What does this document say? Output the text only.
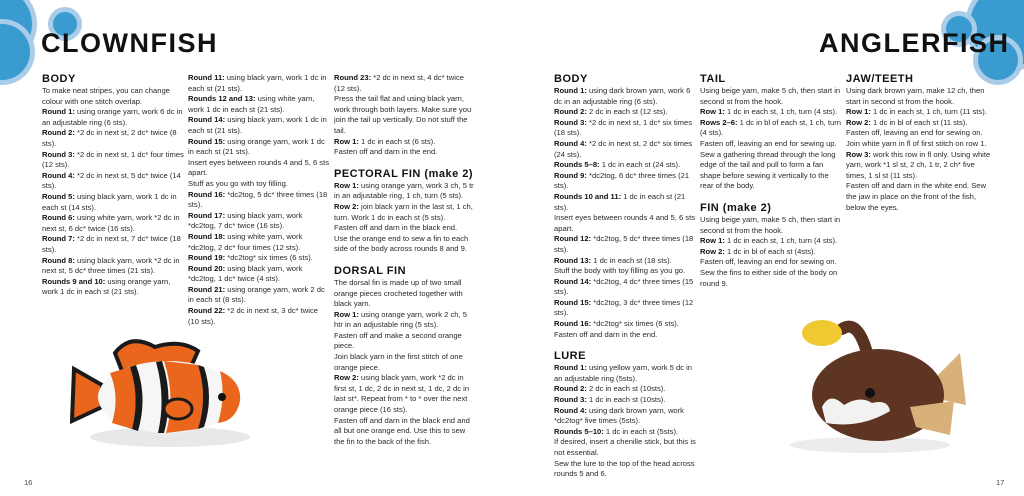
CLOWNFISH

BODY

To make neat stripes, you can change colour with one stitch overlap.

Round 1: using orange yarn, work 6 dc in an adjustable ring (6 sts).

Round 2: *2 dc in next st, 2 dc* twice (8 sts).

Round 3: *2 dc in next st, 1 dc* four times (12 sts).

Round 4: *2 dc in next st, 5 dc* twice (14 sts).

Round 5: using black yarn, work 1 dc in each st (14 sts).

Round 6: using white yarn, work *2 dc in next st, 6 dc* twice (16 sts).

Round 7: *2 dc in next st, 7 dc* twice (18 sts).

Round 8: using black yarn, work *2 dc in next st, 5 dc* three times (21 sts).

Rounds 9 and 10: using orange yarn, work 1 dc in each st (21 sts).

Round 11: using black yarn, work 1 dc in each st (21 sts).

Rounds 12 and 13: using white yarn, work 1 dc in each st (21 sts).

Round 14: using black yarn, work 1 dc in each st (21 sts).

Round 15: using orange yarn, work 1 dc in each st (21 sts).

Insert eyes between rounds 4 and 5, 6 sts apart.

Stuff as you go with toy filling.

Round 16: *dc2tog, 5 dc* three times (18 sts).

Round 17: using black yarn, work *dc2tog, 7 dc* twice (16 sts).

Round 18: using white yarn, work *dc2tog, 2 dc* four times (12 sts).

Round 19: *dc2tog* six times (6 sts).

Round 20: using black yarn, work *dc2tog, 1 dc* twice (4 sts).

Round 21: using orange yarn, work 2 dc in each st (8 sts).

Round 22: *2 dc in next st, 3 dc* twice (10 sts).

Round 23: *2 dc in next st, 4 dc* twice (12 sts).

Press the tail flat and using black yarn, work through both layers. Make sure you join the tail up vertically. Do not stuff the tail.

Row 1: 1 dc in each st (6 sts).

Fasten off and darn in the end.

PECTORAL FIN (make 2)

Row 1: using orange yarn, work 3 ch, 5 tr in an adjustable ring, 1 ch, turn (5 sts).

Row 2: join black yarn in the last st, 1 ch, turn. Work 1 dc in each st (5 sts).

Fasten off and darn in the black end.

Use the orange end to sew a fin to each side of the body across rounds 8 and 9.

DORSAL FIN

The dorsal fin is made up of two small orange pieces crocheted together with black yarn.

Row 1: using orange yarn, work 2 ch, 5 htr in an adjustable ring (5 sts).

Fasten off and make a second orange piece.

Join black yarn in the first stitch of one orange piece.

Row 2: using black yarn, work *2 dc in first st, 1 dc, 2 dc in next st, 1 dc, 2 dc in last st*. Repeat from * to * over the next orange piece (16 sts).

Fasten off and darn in the black end and all but one orange end. Use this to sew the fin to the back of the fish.

16
ANGLERFISH

BODY

Round 1: using dark brown yarn, work 6 dc in an adjustable ring (6 sts).

Round 2: 2 dc in each st (12 sts).

Round 3: *2 dc in next st, 1 dc* six times (18 sts).

Round 4: *2 dc in next st, 2 dc* six times (24 sts).

Rounds 5–8: 1 dc in each st (24 sts).

Round 9: *dc2tog, 6 dc* three times (21 sts).

Rounds 10 and 11: 1 dc in each st (21 sts).

Insert eyes between rounds 4 and 5, 6 sts apart.

Round 12: *dc2tog, 5 dc* three times (18 sts).

Round 13: 1 dc in each st (18 sts).

Stuff the body with toy filling as you go.

Round 14: *dc2tog, 4 dc* three times (15 sts).

Round 15: *dc2tog, 3 dc* three times (12 sts).

Round 16: *dc2tog* six times (6 sts).

Fasten off and darn in the end.

LURE

Round 1: using yellow yarn, work 5 dc in an adjustable ring (5sts).

Round 2: 2 dc in each st (10sts).

Round 3: 1 dc in each st (10sts).

Round 4: using dark brown yarn, work *dc2tog* five times (5sts).

Rounds 5–10: 1 dc in each st (5sts).

If desired, insert a chenille stick, but this is not essential.

Sew the lure to the top of the head across rounds 5 and 6.

TAIL

Using beige yarn, make 5 ch, then start in second st from the hook.

Row 1: 1 dc in each st, 1 ch, turn (4 sts).

Rows 2–6: 1 dc in bl of each st, 1 ch, turn (4 sts).

Fasten off, leaving an end for sewing up. Sew a gathering thread through the long edge of the tail and pull to form a fan shape before sewing it vertically to the rear of the body.

FIN (make 2)

Using beige yarn, make 5 ch, then start in second st from the hook.

Row 1: 1 dc in each st, 1 ch, turn (4 sts).

Row 2: 1 dc in bl of each st (4sts).

Fasten off, leaving an end for sewing on. Sew the fins to either side of the body on round 9.

JAW/TEETH

Using dark brown yarn, make 12 ch, then start in second st from the hook.

Row 1: 1 dc in each st, 1 ch, turn (11 sts).

Row 2: 1 dc in bl of each st (11 sts).

Fasten off, leaving an end for sewing on. Join white yarn in fl of first stitch on row 1.

Row 3: work this row in fl only. Using white yarn, work *1 sl st, 2 ch, 1 tr, 2 ch* five times, 1 sl st (11 sts).

Fasten off and darn in the white end. Sew the jaw in place on the front of the fish, below the eyes.

17
